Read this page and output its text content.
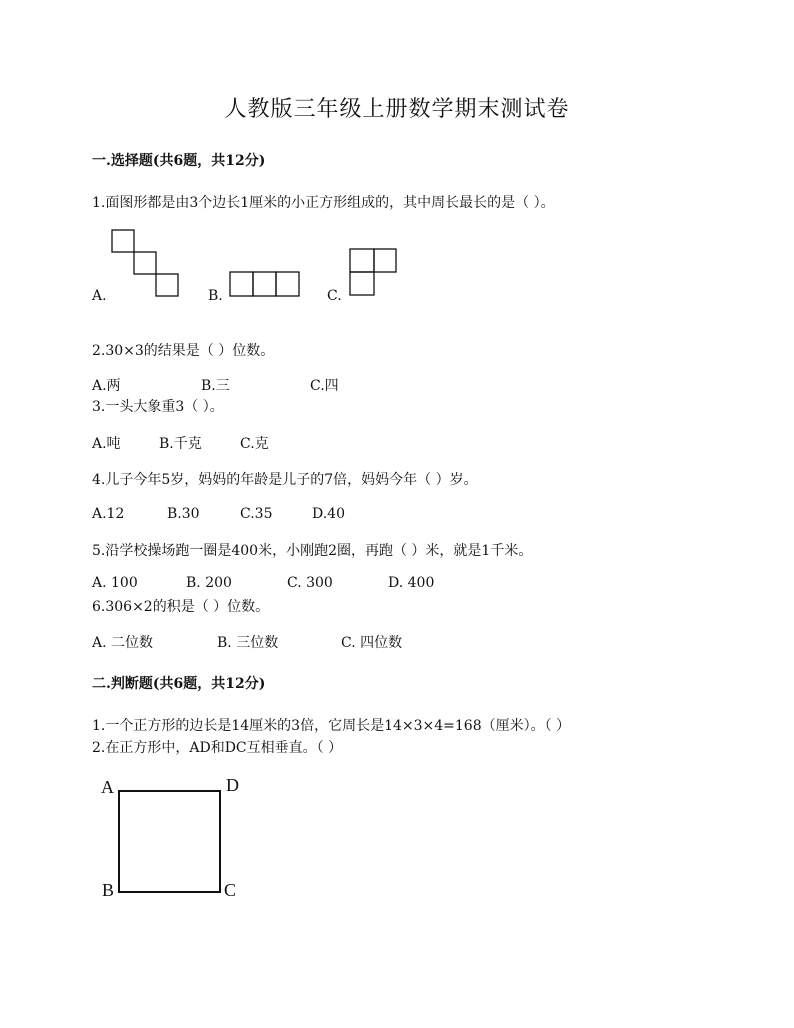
人教版三年级上册数学期末测试卷
一.选择题(共6题，共12分)
1.面图形都是由3个边长1厘米的小正方形组成的，其中周长最长的是（ ）。
A.	B.	C.
2.30×3的结果是（ ）位数。
A.两	B.三	C.四
3.一头大象重3（ ）。
A.吨	B.千克	C.克
4.儿子今年5岁，妈妈的年龄是儿子的7倍，妈妈今年（ ）岁。
A.12	B.30	C.35	D.40
5.沿学校操场跑一圈是400米，小刚跑2圈，再跑（ ）米，就是1千米。
A. 100	B. 200	C. 300	D. 400
6.306×2的积是（ ）位数。
A. 二位数	B. 三位数	C. 四位数
二.判断题(共6题，共12分)
1.一个正方形的边长是14厘米的3倍，它周长是14×3×4=168（厘米）。（ ）
2.在正方形中，AD和DC互相垂直。（ ）
A	D
B	C
